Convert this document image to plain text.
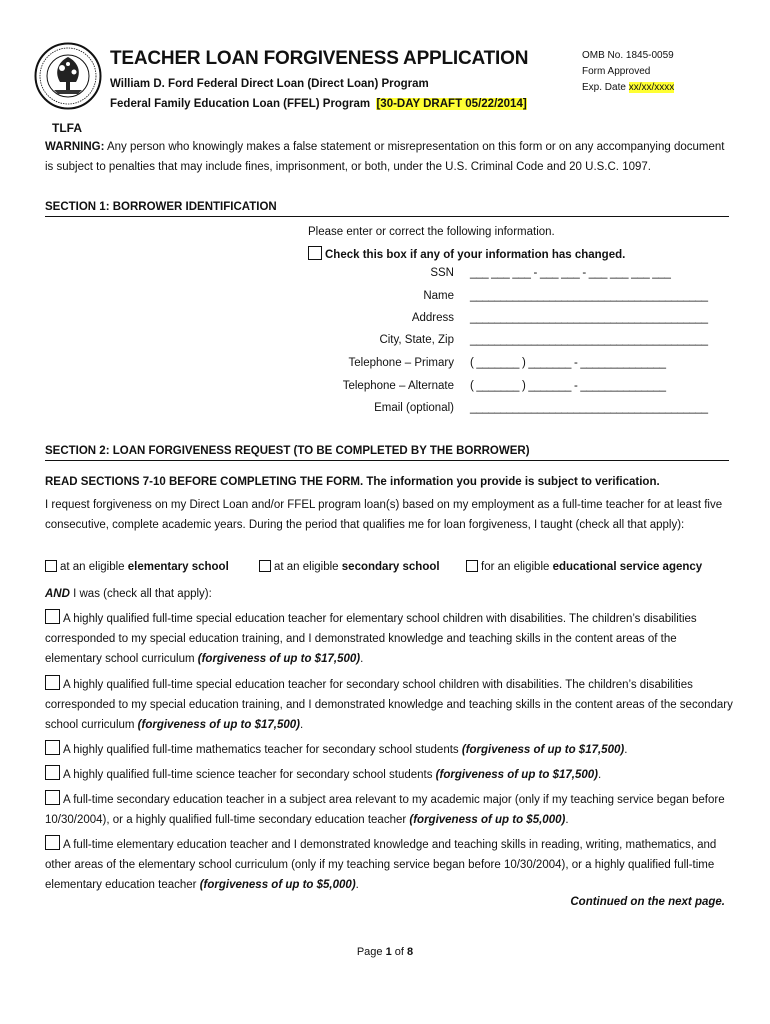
TEACHER LOAN FORGIVENESS APPLICATION
William D. Ford Federal Direct Loan (Direct Loan) Program
Federal Family Education Loan (FFEL) Program [30-DAY DRAFT 05/22/2014]
OMB No. 1845-0059
Form Approved
Exp. Date xx/xx/xxxx
TLFA
WARNING: Any person who knowingly makes a false statement or misrepresentation on this form or on any accompanying document is subject to penalties that may include fines, imprisonment, or both, under the U.S. Criminal Code and 20 U.S.C. 1097.
SECTION 1: BORROWER IDENTIFICATION
Please enter or correct the following information.
Check this box if any of your information has changed.
SSN ___ ___ ___ - ___ ___ - ___ ___ ___ ___
Name _______________________________________
Address _______________________________________
City, State, Zip _______________________________________
Telephone – Primary ( _______ ) _______ - ______________
Telephone – Alternate ( _______ ) _______ - ______________
Email (optional) _______________________________________
SECTION 2: LOAN FORGIVENESS REQUEST (TO BE COMPLETED BY THE BORROWER)
READ SECTIONS 7-10 BEFORE COMPLETING THE FORM. The information you provide is subject to verification.
I request forgiveness on my Direct Loan and/or FFEL program loan(s) based on my employment as a full-time teacher for at least five consecutive, complete academic years. During the period that qualifies me for loan forgiveness, I taught (check all that apply):
at an eligible elementary school	at an eligible secondary school	for an eligible educational service agency
AND I was (check all that apply):
A highly qualified full-time special education teacher for elementary school children with disabilities. The children’s disabilities corresponded to my special education training, and I demonstrated knowledge and teaching skills in the content areas of the elementary school curriculum (forgiveness of up to $17,500).
A highly qualified full-time special education teacher for secondary school children with disabilities. The children’s disabilities corresponded to my special education training, and I demonstrated knowledge and teaching skills in the content areas of the secondary school curriculum (forgiveness of up to $17,500).
A highly qualified full-time mathematics teacher for secondary school students (forgiveness of up to $17,500).
A highly qualified full-time science teacher for secondary school students (forgiveness of up to $17,500).
A full-time secondary education teacher in a subject area relevant to my academic major (only if my teaching service began before 10/30/2004), or a highly qualified full-time secondary education teacher (forgiveness of up to $5,000).
A full-time elementary education teacher and I demonstrated knowledge and teaching skills in reading, writing, mathematics, and other areas of the elementary school curriculum (only if my teaching service began before 10/30/2004), or a highly qualified full-time elementary education teacher (forgiveness of up to $5,000).
Continued on the next page.
Page 1 of 8
